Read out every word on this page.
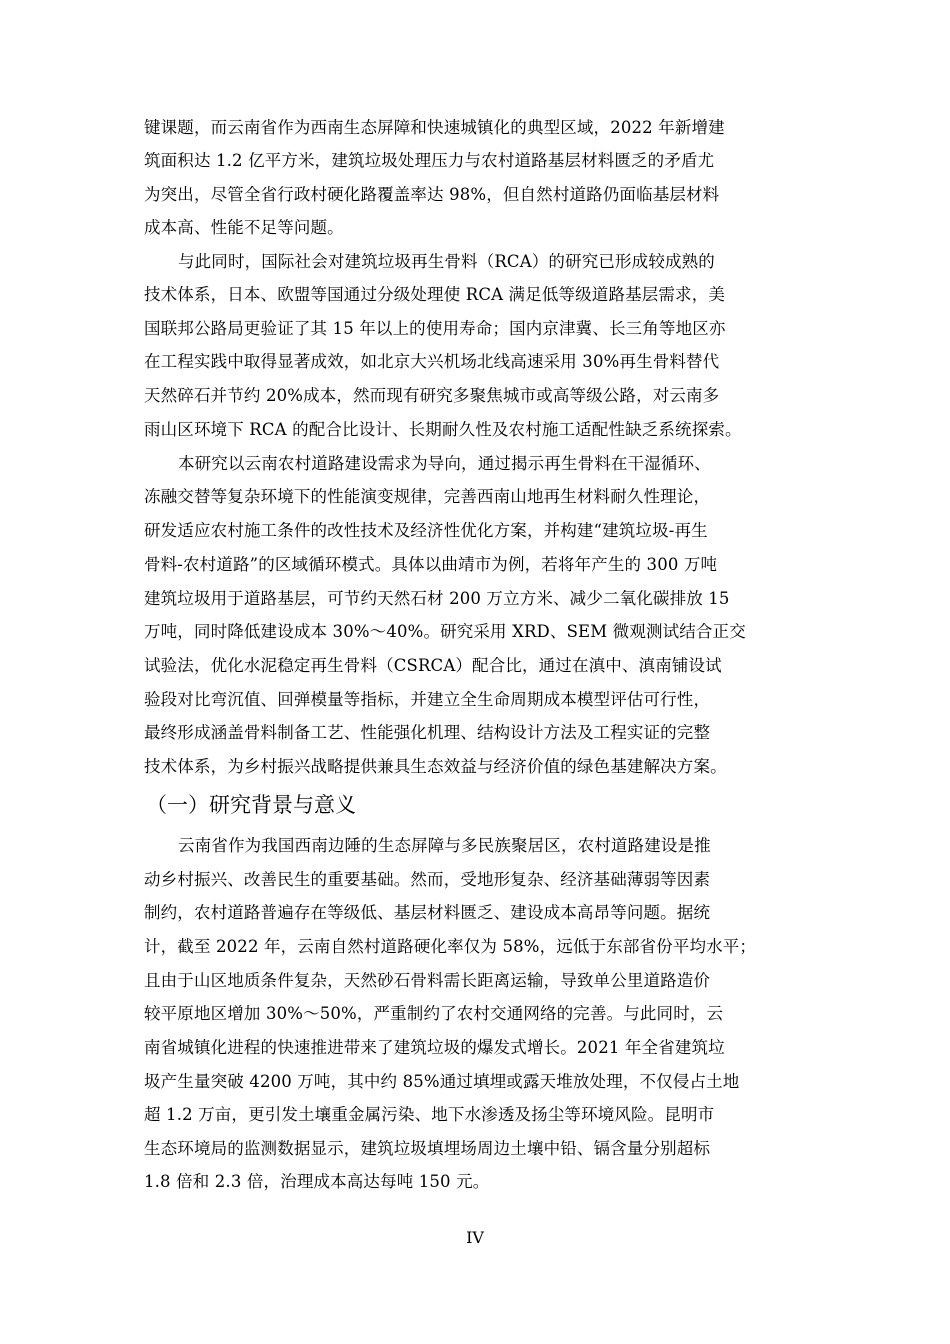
键课题，而云南省作为西南生态屏障和快速城镇化的典型区域，2022 年新增建
筑面积达 1.2 亿平方米，建筑垃圾处理压力与农村道路基层材料匮乏的矛盾尤
为突出，尽管全省行政村硬化路覆盖率达 98%，但自然村道路仍面临基层材料
成本高、性能不足等问题。
与此同时，国际社会对建筑垃圾再生骨料（RCA）的研究已形成较成熟的
技术体系，日本、欧盟等国通过分级处理使 RCA 满足低等级道路基层需求，美
国联邦公路局更验证了其 15 年以上的使用寿命；国内京津冀、长三角等地区亦
在工程实践中取得显著成效，如北京大兴机场北线高速采用 30%再生骨料替代
天然碎石并节约 20%成本，然而现有研究多聚焦城市或高等级公路，对云南多
雨山区环境下 RCA 的配合比设计、长期耐久性及农村施工适配性缺乏系统探索。
本研究以云南农村道路建设需求为导向，通过揭示再生骨料在干湿循环、
冻融交替等复杂环境下的性能演变规律，完善西南山地再生材料耐久性理论，
研发适应农村施工条件的改性技术及经济性优化方案，并构建“建筑垃圾-再生
骨料-农村道路”的区域循环模式。具体以曲靖市为例，若将年产生的 300 万吨
建筑垃圾用于道路基层，可节约天然石材 200 万立方米、减少二氧化碳排放 15
万吨，同时降低建设成本 30%～40%。研究采用 XRD、SEM 微观测试结合正交
试验法，优化水泥稳定再生骨料（CSRCA）配合比，通过在滇中、滇南铺设试
验段对比弯沉值、回弹模量等指标，并建立全生命周期成本模型评估可行性，
最终形成涵盖骨料制备工艺、性能强化机理、结构设计方法及工程实证的完整
技术体系，为乡村振兴战略提供兼具生态效益与经济价值的绿色基建解决方案。
（一）研究背景与意义
云南省作为我国西南边陲的生态屏障与多民族聚居区，农村道路建设是推
动乡村振兴、改善民生的重要基础。然而，受地形复杂、经济基础薄弱等因素
制约，农村道路普遍存在等级低、基层材料匮乏、建设成本高昂等问题。据统
计，截至 2022 年，云南自然村道路硬化率仅为 58%，远低于东部省份平均水平；
且由于山区地质条件复杂，天然砂石骨料需长距离运输，导致单公里道路造价
较平原地区增加 30%～50%，严重制约了农村交通网络的完善。与此同时，云
南省城镇化进程的快速推进带来了建筑垃圾的爆发式增长。2021 年全省建筑垃
圾产生量突破 4200 万吨，其中约 85%通过填埋或露天堆放处理，不仅侵占土地
超 1.2 万亩，更引发土壤重金属污染、地下水渗透及扬尘等环境风险。昆明市
生态环境局的监测数据显示，建筑垃圾填埋场周边土壤中铅、镉含量分别超标
1.8 倍和 2.3 倍，治理成本高达每吨 150 元。
IV
